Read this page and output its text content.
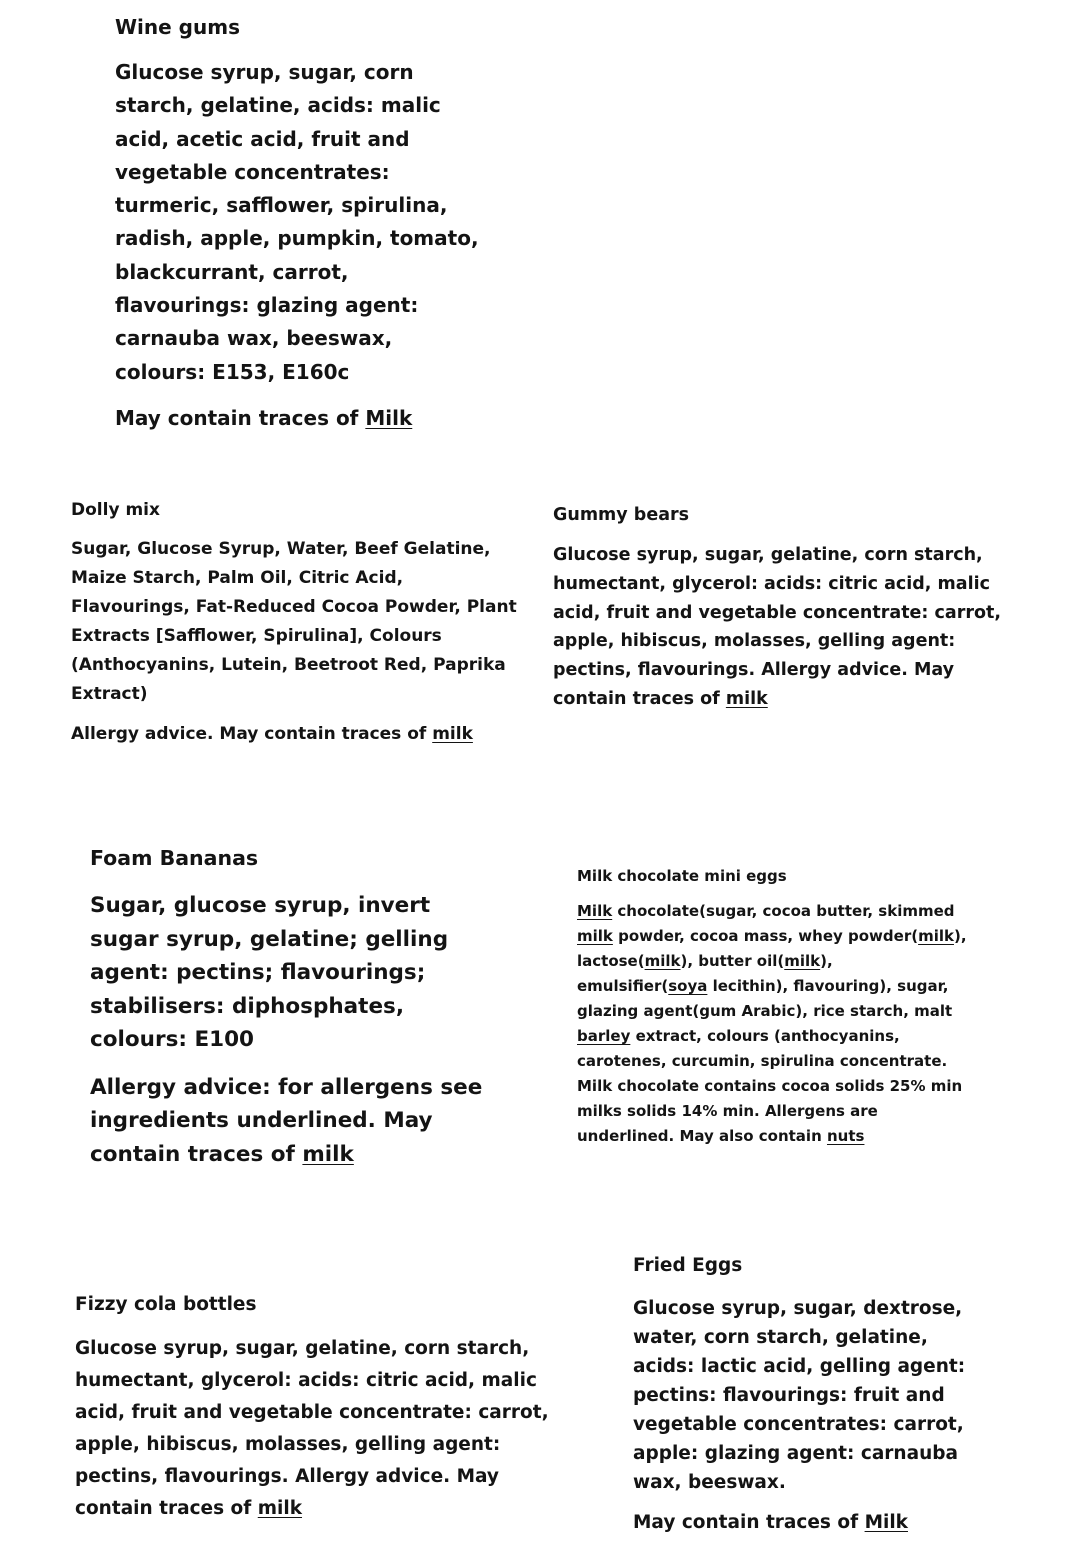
Wine gums

Glucose syrup, sugar, corn starch, gelatine, acids: malic acid, acetic acid, fruit and vegetable concentrates: turmeric, safflower, spirulina, radish, apple, pumpkin, tomato, blackcurrant, carrot, flavourings: glazing agent: carnauba wax, beeswax, colours: E153, E160c

May contain traces of Milk

Dolly mix

Sugar, Glucose Syrup, Water, Beef Gelatine, Maize Starch, Palm Oil, Citric Acid, Flavourings, Fat-Reduced Cocoa Powder, Plant Extracts [Safflower, Spirulina], Colours (Anthocyanins, Lutein, Beetroot Red, Paprika Extract)

Allergy advice. May contain traces of milk

Gummy bears

Glucose syrup, sugar, gelatine, corn starch, humectant, glycerol: acids: citric acid, malic acid, fruit and vegetable concentrate: carrot, apple, hibiscus, molasses, gelling agent: pectins, flavourings. Allergy advice. May contain traces of milk

Foam Bananas

Sugar, glucose syrup, invert sugar syrup, gelatine; gelling agent: pectins; flavourings; stabilisers: diphosphates, colours: E100

Allergy advice: for allergens see ingredients underlined. May contain traces of milk

Milk chocolate mini eggs

Milk chocolate(sugar, cocoa butter, skimmed milk powder, cocoa mass, whey powder(milk), lactose(milk), butter oil(milk), emulsifier(soya lecithin), flavouring), sugar, glazing agent(gum Arabic), rice starch, malt barley extract, colours (anthocyanins, carotenes, curcumin, spirulina concentrate. Milk chocolate contains cocoa solids 25% min milks solids 14% min. Allergens are underlined. May also contain nuts

Fizzy cola bottles

Glucose syrup, sugar, gelatine, corn starch, humectant, glycerol: acids: citric acid, malic acid, fruit and vegetable concentrate: carrot, apple, hibiscus, molasses, gelling agent: pectins, flavourings. Allergy advice. May contain traces of milk

Fried Eggs

Glucose syrup, sugar, dextrose, water, corn starch, gelatine, acids: lactic acid, gelling agent: pectins: flavourings: fruit and vegetable concentrates: carrot, apple: glazing agent: carnauba wax, beeswax.

May contain traces of Milk
